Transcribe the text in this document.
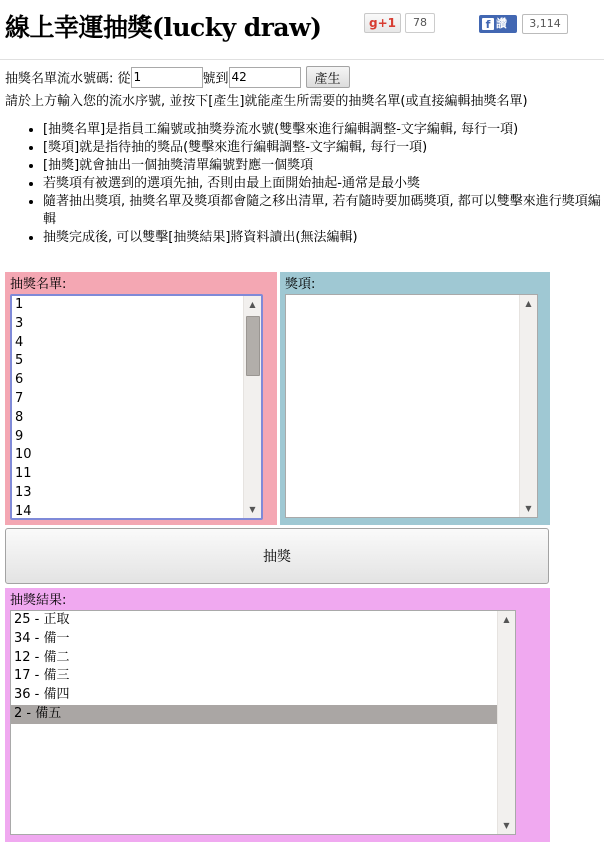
線上幸運抽獎(lucky draw)	g+1	78	f 讚	3,114
抽獎名單流水號碼: 從1	號到42	產生
請於上方輸入您的流水序號, 並按下[產生]就能產生所需要的抽獎名單(或直接編輯抽獎名單)
• [抽獎名單]是指員工編號或抽獎券流水號(雙擊來進行編輯調整-文字編輯, 每行一項)
• [獎項]就是指待抽的獎品(雙擊來進行編輯調整-文字編輯, 每行一項)
• [抽獎]就會抽出一個抽獎清單編號對應一個獎項
• 若獎項有被選到的選項先抽, 否則由最上面開始抽起-通常是最小獎
• 隨著抽出獎項, 抽獎名單及獎項都會隨之移出清單, 若有隨時要加碼獎項, 都可以雙擊來進行獎項編輯
• 抽獎完成後, 可以雙擊[抽獎結果]將資料讀出(無法編輯)
抽獎名單:
1
3
4
5
6
7
8
9
10
11
13
14
▲
▼
獎項:
▲
▼
抽獎
抽獎結果:
25 - 正取
34 - 備一
12 - 備二
17 - 備三
36 - 備四
2 - 備五
▲
▼
